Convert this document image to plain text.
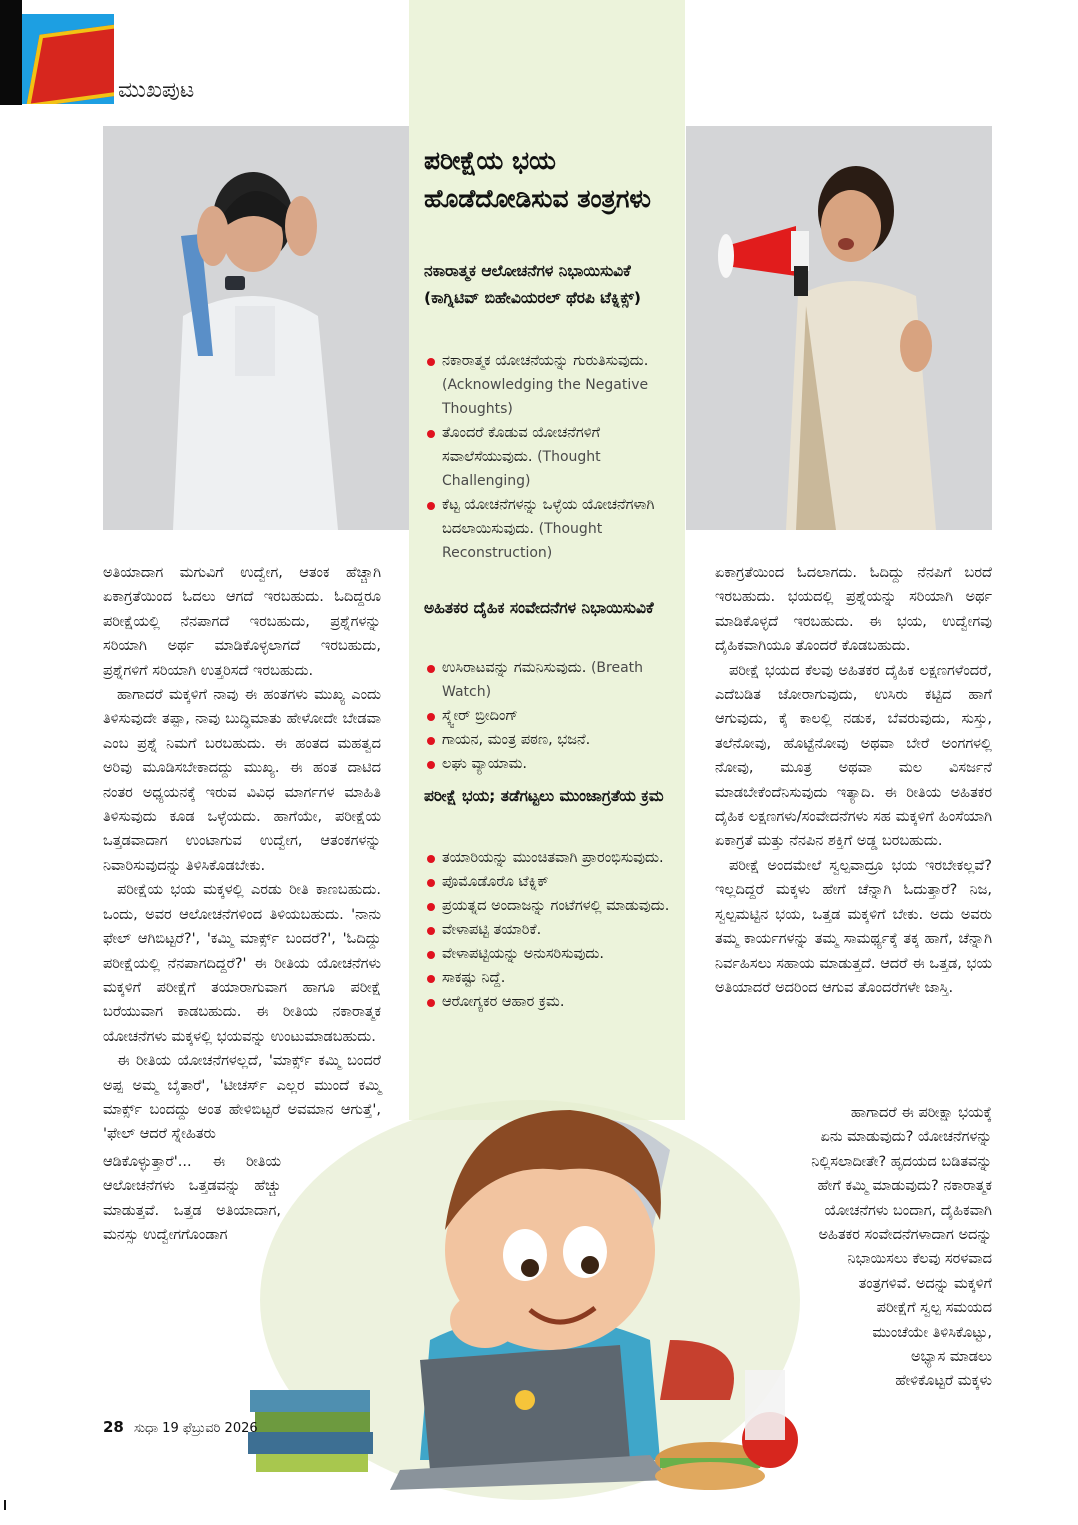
ಮುಖಪುಟ
ಪರೀಕ್ಷೆಯ ಭಯ ಹೊಡೆದೋಡಿಸುವ ತಂತ್ರಗಳು
ನಕಾರಾತ್ಮಕ ಆಲೋಚನೆಗಳ ನಿಭಾಯಿಸುವಿಕೆ (ಕಾಗ್ನಿಟಿವ್ ಬಿಹೇವಿಯರಲ್ ಥೆರಪಿ ಟೆಕ್ನಿಕ್ಸ್)
ನಕಾರಾತ್ಮಕ ಯೋಚನೆಯನ್ನು ಗುರುತಿಸುವುದು. (Acknowledging the Negative Thoughts)
ತೊಂದರೆ ಕೊಡುವ ಯೋಚನೆಗಳಿಗೆ ಸವಾಲೆಸೆಯುವುದು. (Thought Challenging)
ಕೆಟ್ಟ ಯೋಚನೆಗಳನ್ನು ಒಳ್ಳೆಯ ಯೋಚನೆಗಳಾಗಿ ಬದಲಾಯಿಸುವುದು. (Thought Reconstruction)
ಅಹಿತಕರ ದೈಹಿಕ ಸಂವೇದನೆಗಳ ನಿಭಾಯಿಸುವಿಕೆ
ಉಸಿರಾಟವನ್ನು ಗಮನಿಸುವುದು. (Breath Watch)
ಸ್ಕ್ವೇರ್ ಬ್ರೀದಿಂಗ್
ಗಾಯನ, ಮಂತ್ರ ಪಠಣ, ಭಜನೆ.
ಲಘು ವ್ಯಾಯಾಮ.
ಪರೀಕ್ಷೆ ಭಯ; ತಡೆಗಟ್ಟಲು ಮುಂಜಾಗ್ರತೆಯ ಕ್ರಮ
ತಯಾರಿಯನ್ನು ಮುಂಚಿತವಾಗಿ ಪ್ರಾರಂಭಿಸುವುದು.
ಪೊಮೊಡೊರೊ ಟೆಕ್ನಿಕ್
ಪ್ರಯತ್ನದ ಅಂದಾಜನ್ನು ಗಂಟೆಗಳಲ್ಲಿ ಮಾಡುವುದು.
ವೇಳಾಪಟ್ಟಿ ತಯಾರಿಕೆ.
ವೇಳಾಪಟ್ಟಿಯನ್ನು ಅನುಸರಿಸುವುದು.
ಸಾಕಷ್ಟು ನಿದ್ದೆ.
ಆರೋಗ್ಯಕರ ಆಹಾರ ಕ್ರಮ.

ಅತಿಯಾದಾಗ ಮಗುವಿಗೆ ಉದ್ವೇಗ, ಆತಂಕ ಹೆಚ್ಚಾಗಿ ಏಕಾಗ್ರತೆಯಿಂದ ಓದಲು ಆಗದೆ ಇರಬಹುದು. ಓದಿದ್ದರೂ ಪರೀಕ್ಷೆಯಲ್ಲಿ ನೆನಪಾಗದೆ ಇರಬಹುದು, ಪ್ರಶ್ನೆಗಳನ್ನು ಸರಿಯಾಗಿ ಅರ್ಥ ಮಾಡಿಕೊಳ್ಳಲಾಗದೆ ಇರಬಹುದು, ಪ್ರಶ್ನೆಗಳಿಗೆ ಸರಿಯಾಗಿ ಉತ್ತರಿಸದೆ ಇರಬಹುದು.

ಹಾಗಾದರೆ ಮಕ್ಕಳಿಗೆ ನಾವು ಈ ಹಂತಗಳು ಮುಖ್ಯ ಎಂದು ತಿಳಿಸುವುದೇ ತಪ್ಪಾ, ನಾವು ಬುದ್ಧಿಮಾತು ಹೇಳೋದೇ ಬೇಡವಾ ಎಂಬ ಪ್ರಶ್ನೆ ನಿಮಗೆ ಬರಬಹುದು. ಈ ಹಂತದ ಮಹತ್ವದ ಅರಿವು ಮೂಡಿಸಬೇಕಾದದ್ದು ಮುಖ್ಯ. ಈ ಹಂತ ದಾಟಿದ ನಂತರ ಅಧ್ಯಯನಕ್ಕೆ ಇರುವ ವಿವಿಧ ಮಾರ್ಗಗಳ ಮಾಹಿತಿ ತಿಳಿಸುವುದು ಕೂಡ ಒಳ್ಳೆಯದು. ಹಾಗೆಯೇ, ಪರೀಕ್ಷೆಯ ಒತ್ತಡವಾದಾಗ ಉಂಟಾಗುವ ಉದ್ವೇಗ, ಆತಂಕಗಳನ್ನು ನಿವಾರಿಸುವುದನ್ನು ತಿಳಿಸಿಕೊಡಬೇಕು.

ಪರೀಕ್ಷೆಯ ಭಯ ಮಕ್ಕಳಲ್ಲಿ ಎರಡು ರೀತಿ ಕಾಣಬಹುದು. ಒಂದು, ಅವರ ಆಲೋಚನೆಗಳಿಂದ ತಿಳಿಯಬಹುದು. 'ನಾನು ಫೇಲ್ ಆಗಿಬಿಟ್ಟರೆ?', 'ಕಮ್ಮಿ ಮಾರ್ಕ್ಸ್ ಬಂದರೆ?', 'ಓದಿದ್ದು ಪರೀಕ್ಷೆಯಲ್ಲಿ ನೆನಪಾಗದಿದ್ದರೆ?' ಈ ರೀತಿಯ ಯೋಚನೆಗಳು ಮಕ್ಕಳಿಗೆ ಪರೀಕ್ಷೆಗೆ ತಯಾರಾಗುವಾಗ ಹಾಗೂ ಪರೀಕ್ಷೆ ಬರೆಯುವಾಗ ಕಾಡಬಹುದು. ಈ ರೀತಿಯ ನಕಾರಾತ್ಮಕ ಯೋಚನೆಗಳು ಮಕ್ಕಳಲ್ಲಿ ಭಯವನ್ನು ಉಂಟುಮಾಡಬಹುದು.

ಈ ರೀತಿಯ ಯೋಚನೆಗಳಲ್ಲದೆ, 'ಮಾರ್ಕ್ಸ್ ಕಮ್ಮಿ ಬಂದರೆ ಅಪ್ಪ ಅಮ್ಮ ಬೈತಾರೆ', 'ಟೀಚರ್ಸ್ ಎಲ್ಲರ ಮುಂದೆ ಕಮ್ಮಿ ಮಾರ್ಕ್ಸ್ ಬಂದದ್ದು ಅಂತ ಹೇಳಿಬಿಟ್ಟರೆ ಅವಮಾನ ಆಗುತ್ತೆ', 'ಫೇಲ್ ಆದರೆ ಸ್ನೇಹಿತರು

ಆಡಿಕೊಳ್ಳುತ್ತಾರೆ'... ಈ ರೀತಿಯ ಆಲೋಚನೆಗಳು ಒತ್ತಡವನ್ನು ಹೆಚ್ಚು ಮಾಡುತ್ತವೆ. ಒತ್ತಡ ಅತಿಯಾದಾಗ, ಮನಸ್ಸು ಉದ್ವೇಗಗೊಂಡಾಗ

ಏಕಾಗ್ರತೆಯಿಂದ ಓದಲಾಗದು. ಓದಿದ್ದು ನೆನಪಿಗೆ ಬರದೆ ಇರಬಹುದು. ಭಯದಲ್ಲಿ ಪ್ರಶ್ನೆಯನ್ನು ಸರಿಯಾಗಿ ಅರ್ಥ ಮಾಡಿಕೊಳ್ಳದೆ ಇರಬಹುದು. ಈ ಭಯ, ಉದ್ವೇಗವು ದೈಹಿಕವಾಗಿಯೂ ತೊಂದರೆ ಕೊಡಬಹುದು.

ಪರೀಕ್ಷೆ ಭಯದ ಕೆಲವು ಅಹಿತಕರ ದೈಹಿಕ ಲಕ್ಷಣಗಳೆಂದರೆ, ಎದೆಬಡಿತ ಜೋರಾಗುವುದು, ಉಸಿರು ಕಟ್ಟಿದ ಹಾಗೆ ಆಗುವುದು, ಕೈ ಕಾಲಲ್ಲಿ ನಡುಕ, ಬೆವರುವುದು, ಸುಸ್ತು, ತಲೆನೋವು, ಹೊಟ್ಟೆನೋವು ಅಥವಾ ಬೇರೆ ಅಂಗಗಳಲ್ಲಿ ನೋವು, ಮೂತ್ರ ಅಥವಾ ಮಲ ವಿಸರ್ಜನೆ ಮಾಡಬೇಕೆಂದೆನಿಸುವುದು ಇತ್ಯಾದಿ. ಈ ರೀತಿಯ ಅಹಿತಕರ ದೈಹಿಕ ಲಕ್ಷಣಗಳು/ಸಂವೇದನೆಗಳು ಸಹ ಮಕ್ಕಳಿಗೆ ಹಿಂಸೆಯಾಗಿ ಏಕಾಗ್ರತೆ ಮತ್ತು ನೆನಪಿನ ಶಕ್ತಿಗೆ ಅಡ್ಡ ಬರಬಹುದು.

ಪರೀಕ್ಷೆ ಅಂದಮೇಲೆ ಸ್ವಲ್ಪವಾದ್ರೂ ಭಯ ಇರಬೇಕಲ್ಲವೆ? ಇಲ್ಲದಿದ್ದರೆ ಮಕ್ಕಳು ಹೇಗೆ ಚೆನ್ನಾಗಿ ಓದುತ್ತಾರೆ? ನಿಜ, ಸ್ವಲ್ಪಮಟ್ಟಿನ ಭಯ, ಒತ್ತಡ ಮಕ್ಕಳಿಗೆ ಬೇಕು. ಅದು ಅವರು ತಮ್ಮ ಕಾರ್ಯಗಳನ್ನು ತಮ್ಮ ಸಾಮರ್ಥ್ಯಕ್ಕೆ ತಕ್ಕ ಹಾಗೆ, ಚೆನ್ನಾಗಿ ನಿರ್ವಹಿಸಲು ಸಹಾಯ ಮಾಡುತ್ತದೆ. ಆದರೆ ಈ ಒತ್ತಡ, ಭಯ ಅತಿಯಾದರೆ ಅದರಿಂದ ಆಗುವ ತೊಂದರೆಗಳೇ ಜಾಸ್ತಿ.

ಹಾಗಾದರೆ ಈ ಪರೀಕ್ಷಾ ಭಯಕ್ಕೆ

ಏನು ಮಾಡುವುದು? ಯೋಚನೆಗಳನ್ನು

ನಿಲ್ಲಿಸಲಾದೀತೇ? ಹೃದಯದ ಬಡಿತವನ್ನು

ಹೇಗೆ ಕಮ್ಮಿ ಮಾಡುವುದು? ನಕಾರಾತ್ಮಕ

ಯೋಚನೆಗಳು ಬಂದಾಗ, ದೈಹಿಕವಾಗಿ

ಅಹಿತಕರ ಸಂವೇದನೆಗಳಾದಾಗ ಅದನ್ನು

ನಿಭಾಯಿಸಲು ಕೆಲವು ಸರಳವಾದ

ತಂತ್ರಗಳಿವೆ. ಅದನ್ನು ಮಕ್ಕಳಿಗೆ

ಪರೀಕ್ಷೆಗೆ ಸ್ವಲ್ಪ ಸಮಯದ

ಮುಂಚೆಯೇ ತಿಳಿಸಿಕೊಟ್ಟು,

ಅಭ್ಯಾಸ ಮಾಡಲು

ಹೇಳಿಕೊಟ್ಟರೆ ಮಕ್ಕಳು

28 ಸುಧಾ 19 ಫೆಬ್ರುವರಿ 2026
